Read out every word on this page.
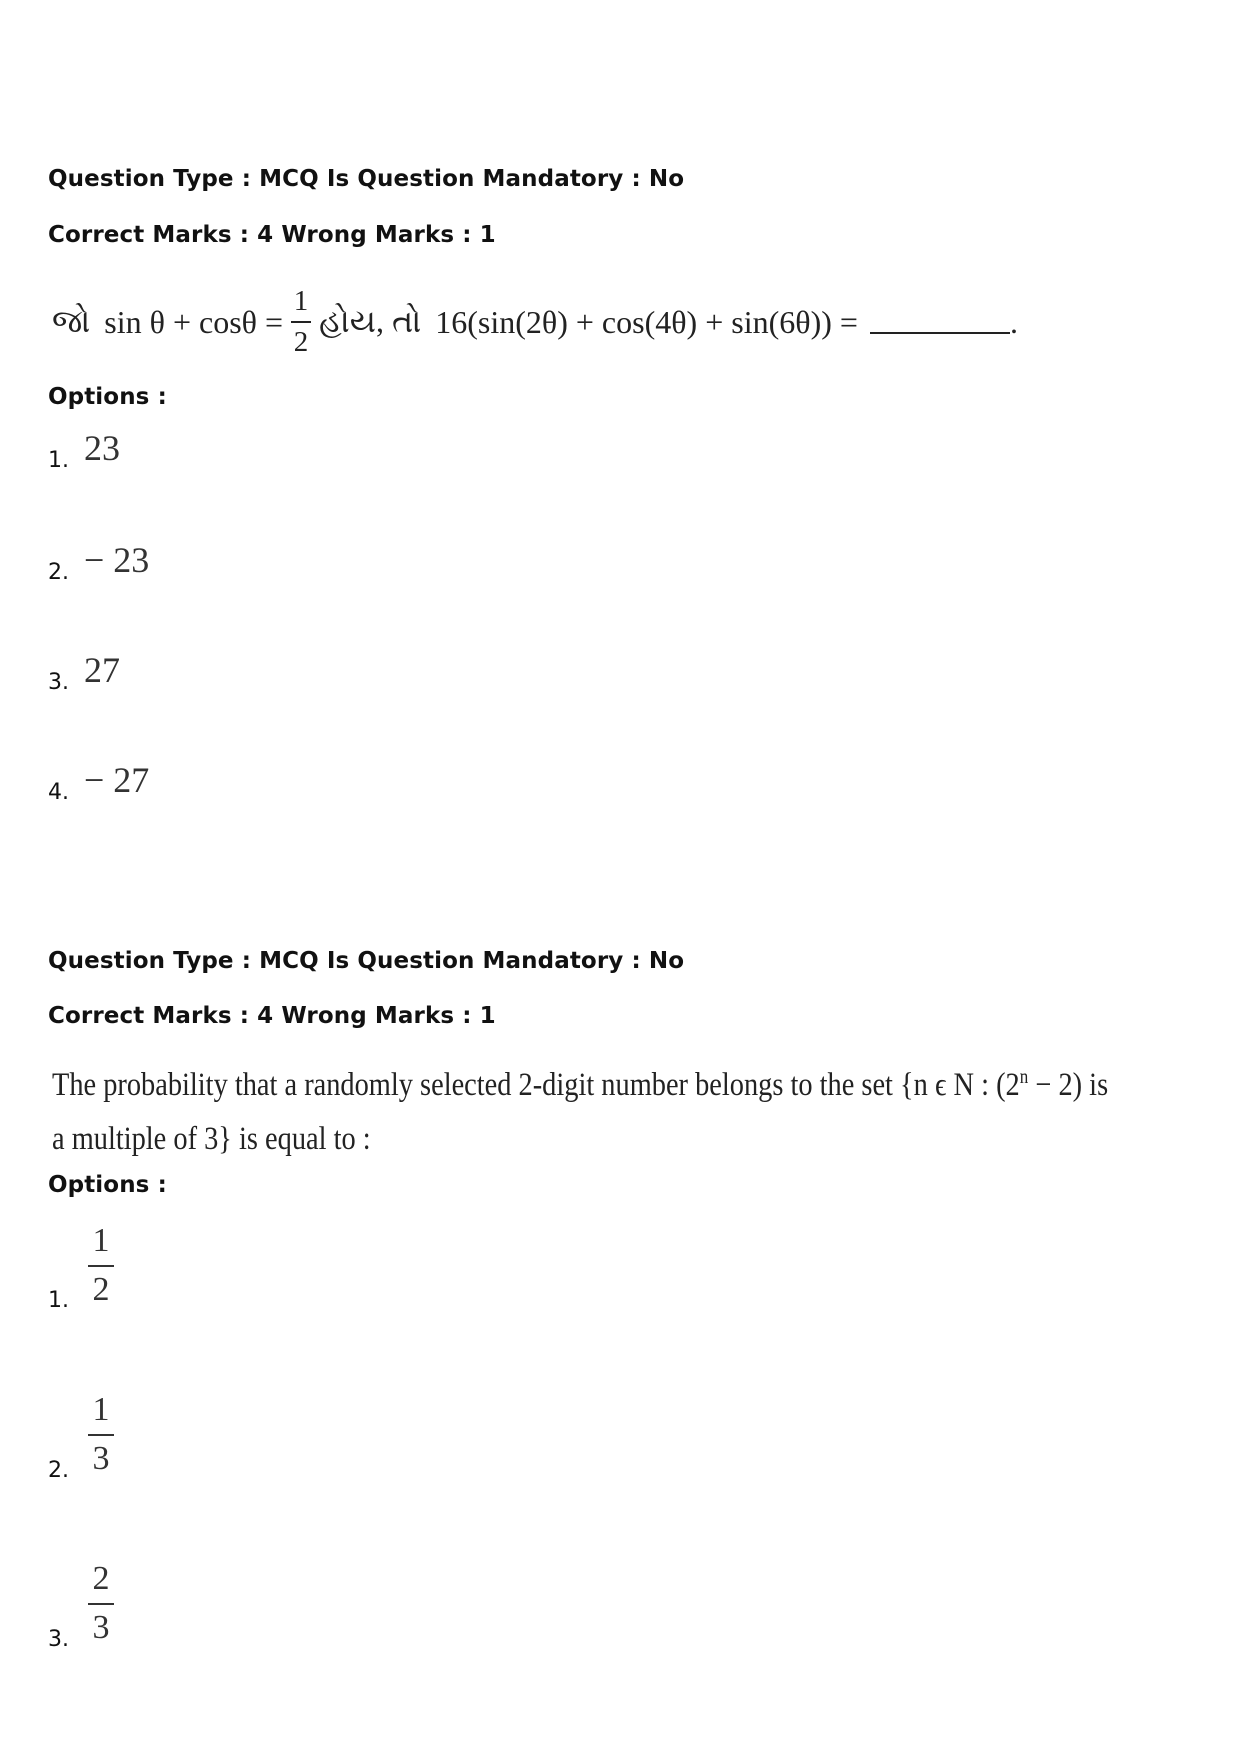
Question Type : MCQ Is Question Mandatory : No
Correct Marks : 4 Wrong Marks : 1
જો $\sin \theta + \cos\theta = \frac{1}{2}$ હોય, તો 16(sin(2θ) + cos(4θ) + sin(6θ)) =	.
Options :
1. 23
2. − 23
3. 27
4. − 27
Question Type : MCQ Is Question Mandatory : No
Correct Marks : 4 Wrong Marks : 1
The probability that a randomly selected 2-digit number belongs to the set {n ϵ N : $(2^n - 2)$ is
a multiple of 3} is equal to :
Options :
1.
1
2
2.
1
3
3.
2
3
